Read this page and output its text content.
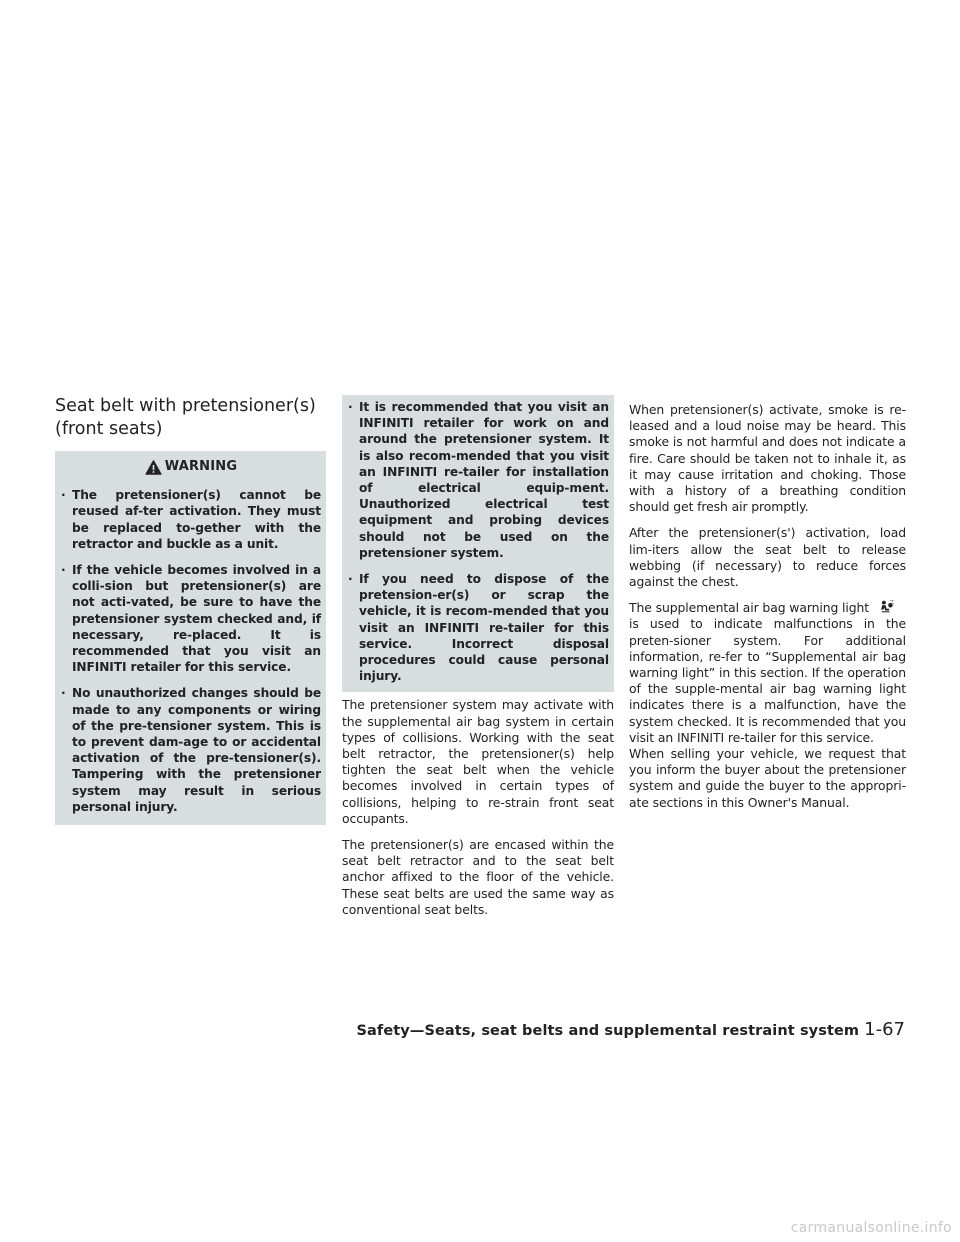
Seat belt with pretensioner(s)
(front seats)
WARNING
· The pretensioner(s) cannot be reused af-ter activation. They must be replaced to-gether with the retractor and buckle as a unit.
· If the vehicle becomes involved in a colli-sion but pretensioner(s) are not acti-vated, be sure to have the pretensioner system checked and, if necessary, re-placed. It is recommended that you visit an INFINITI retailer for this service.
· No unauthorized changes should be made to any components or wiring of the pre-tensioner system. This is to prevent dam-age to or accidental activation of the pre-tensioner(s). Tampering with the pretensioner system may result in serious personal injury.
· It is recommended that you visit an INFINITI retailer for work on and around the pretensioner system. It is also recom-mended that you visit an INFINITI re-tailer for installation of electrical equip-ment. Unauthorized electrical test equipment and probing devices should not be used on the pretensioner system.
· If you need to dispose of the pretension-er(s) or scrap the vehicle, it is recom-mended that you visit an INFINITI re-tailer for this service. Incorrect disposal procedures could cause personal injury.

The pretensioner system may activate with the supplemental air bag system in certain types of collisions. Working with the seat belt retractor, the pretensioner(s) help tighten the seat belt when the vehicle becomes involved in certain types of collisions, helping to re-strain front seat occupants.

The pretensioner(s) are encased within the seat belt retractor and to the seat belt anchor affixed to the floor of the vehicle. These seat belts are used the same way as conventional seat belts.

When pretensioner(s) activate, smoke is re-leased and a loud noise may be heard. This smoke is not harmful and does not indicate a fire. Care should be taken not to inhale it, as it may cause irritation and choking. Those with a history of a breathing condition should get fresh air promptly.

After the pretensioner(s') activation, load lim-iters allow the seat belt to release webbing (if necessary) to reduce forces against the chest.

The supplemental air bag warning light
is used to indicate malfunctions in the preten-sioner system. For additional information, re-fer to “Supplemental air bag warning light” in this section. If the operation of the supple-mental air bag warning light indicates there is a malfunction, have the system checked. It is recommended that you visit an INFINITI re-tailer for this service.

When selling your vehicle, we request that you inform the buyer about the pretensioner system and guide the buyer to the appropri-ate sections in this Owner's Manual.

Safety—Seats, seat belts and supplemental restraint system 1-67
carmanualsonline.info
